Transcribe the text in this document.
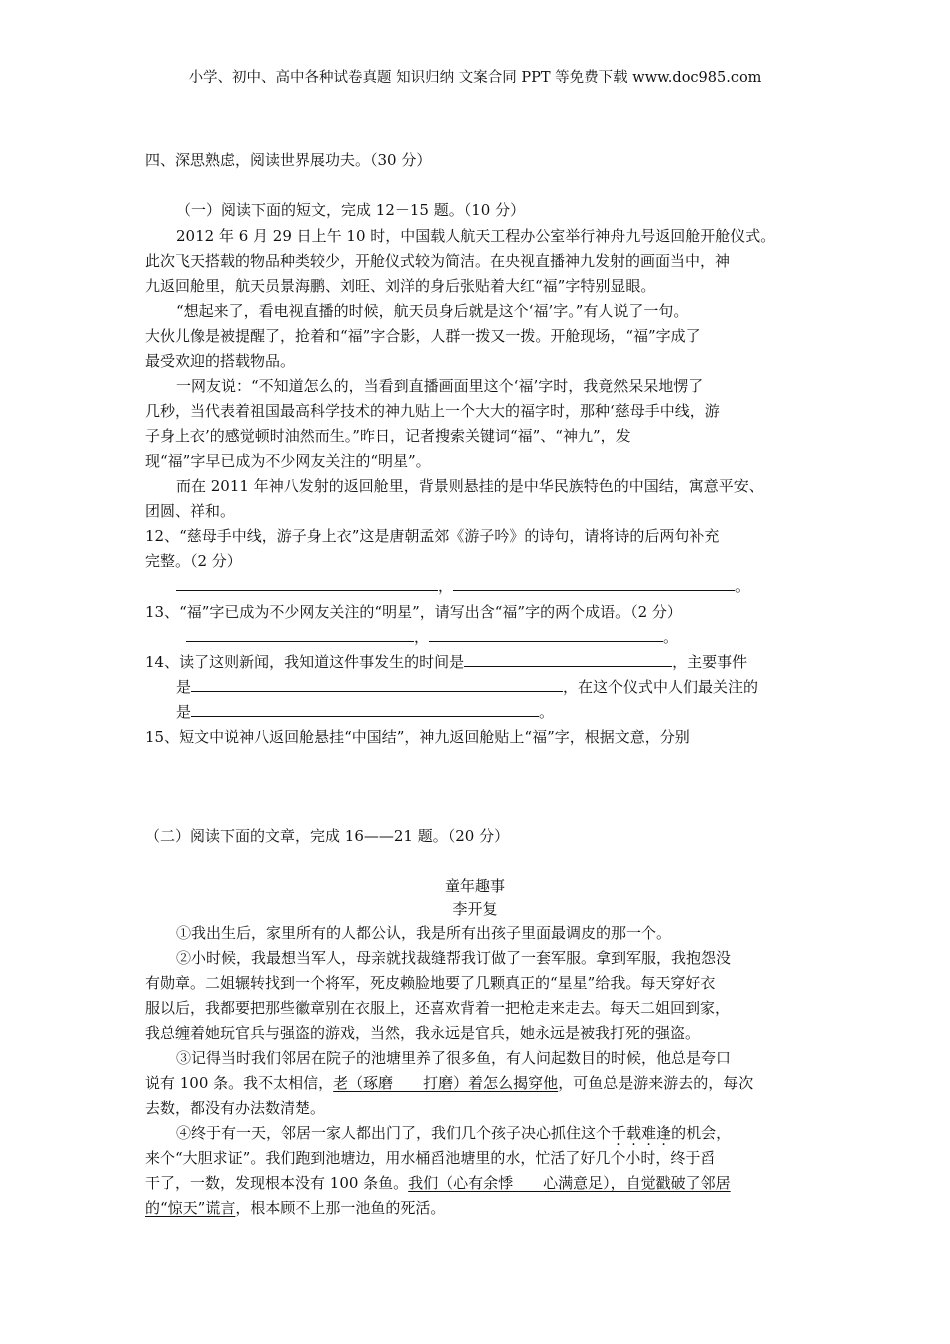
小学、初中、高中各种试卷真题 知识归纳 文案合同 PPT 等免费下载 www.doc985.com
四、深思熟虑，阅读世界展功夫。（30 分）
（一）阅读下面的短文，完成 12－15 题。（10 分）
2012 年 6 月 29 日上午 10 时，中国载人航天工程办公室举行神舟九号返回舱开舱仪式。
此次飞天搭载的物品种类较少，开舱仪式较为简洁。在央视直播神九发射的画面当中，神
九返回舱里，航天员景海鹏、刘旺、刘洋的身后张贴着大红“福”字特别显眼。
“想起来了，看电视直播的时候，航天员身后就是这个‘福’字。”有人说了一句。
大伙儿像是被提醒了，抢着和“福”字合影，人群一拨又一拨。开舱现场，“福”字成了
最受欢迎的搭载物品。
一网友说：“不知道怎么的，当看到直播画面里这个‘福’字时，我竟然呆呆地愣了
几秒，当代表着祖国最高科学技术的神九贴上一个大大的福字时，那种‘慈母手中线，游
子身上衣’的感觉顿时油然而生。”昨日，记者搜索关键词“福”、“神九”，发
现“福”字早已成为不少网友关注的“明星”。
而在 2011 年神八发射的返回舱里，背景则悬挂的是中华民族特色的中国结，寓意平安、
团圆、祥和。
12、“慈母手中线，游子身上衣”这是唐朝孟郊《游子吟》的诗句，请将诗的后两句补充
完整。（2 分）
，	。
13、“福”字已成为不少网友关注的“明星”，请写出含“福”字的两个成语。（2 分）
，	。
14、读了这则新闻，我知道这件事发生的时间是	，主要事件
是	，在这个仪式中人们最关注的
是	。
15、短文中说神八返回舱悬挂“中国结”，神九返回舱贴上“福”字，根据文意，分别
（二）阅读下面的文章，完成 16——21 题。（20 分）
童年趣事
李开复
①我出生后，家里所有的人都公认，我是所有出孩子里面最调皮的那一个。
②小时候，我最想当军人，母亲就找裁缝帮我订做了一套军服。拿到军服，我抱怨没
有勋章。二姐辗转找到一个将军，死皮赖脸地要了几颗真正的“星星”给我。每天穿好衣
服以后，我都要把那些徽章别在衣服上，还喜欢背着一把枪走来走去。每天二姐回到家，
我总缠着她玩官兵与强盗的游戏，当然，我永远是官兵，她永远是被我打死的强盗。
③记得当时我们邻居在院子的池塘里养了很多鱼，有人问起数目的时候，他总是夸口
说有 100 条。我不太相信，老（琢磨　　打磨）着怎么揭穿他，可鱼总是游来游去的，每次
去数，都没有办法数清楚。
④终于有一天，邻居一家人都出门了，我们几个孩子决心抓住这个千载难逢的机会，
来个“大胆求证”。我们跑到池塘边，用水桶舀池塘里的水，忙活了好几个小时，终于舀
干了，一数，发现根本没有 100 条鱼。我们（心有余悸　　心满意足），自觉戳破了邻居
的“惊天”谎言，根本顾不上那一池鱼的死活。
